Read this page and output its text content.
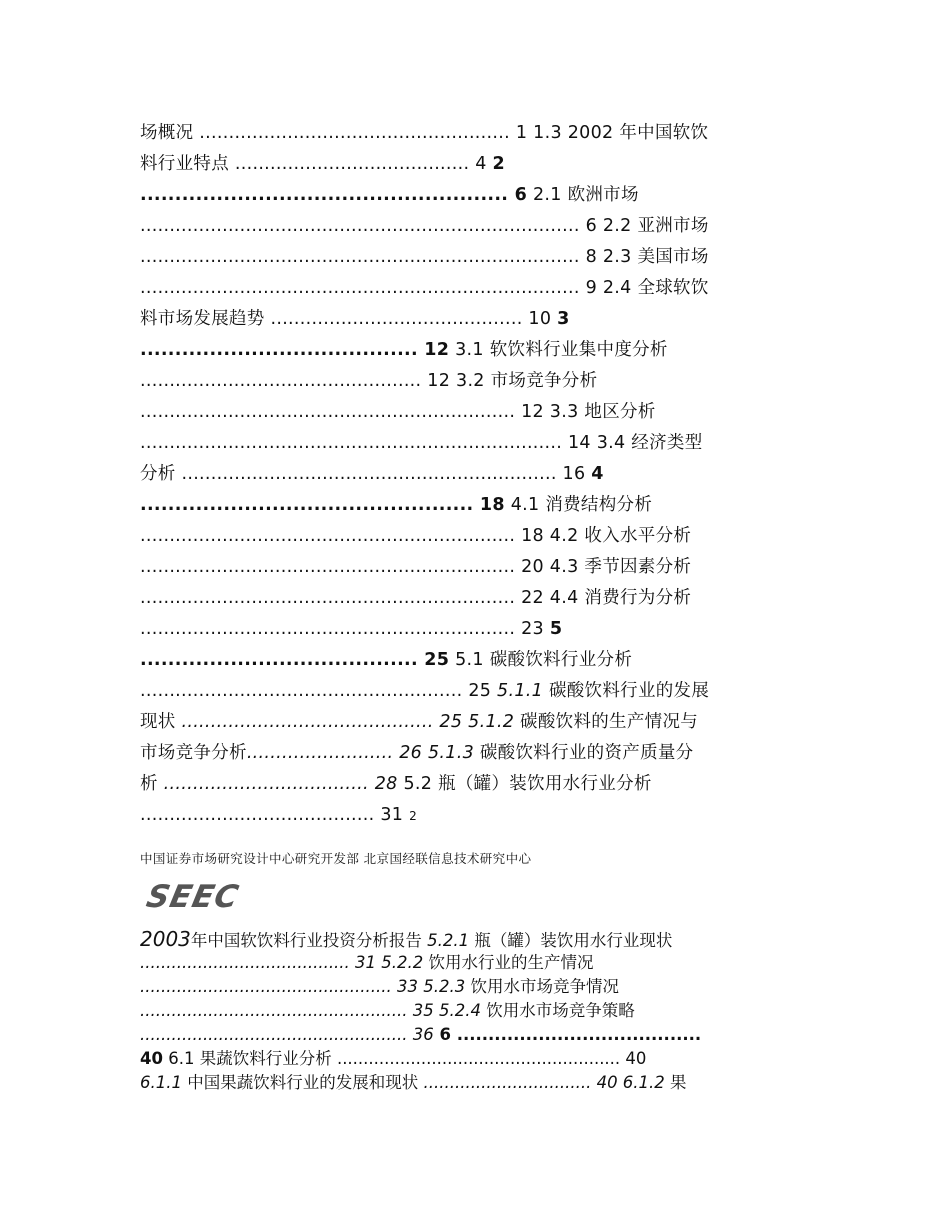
场概况 ..................................................... 1 1.3 2002 年中国软饮
料行业特点 ........................................ 4 2
..................................................... 6 2.1 欧洲市场
........................................................................... 6 2.2 亚洲市场
........................................................................... 8 2.3 美国市场
........................................................................... 9 2.4 全球软饮
料市场发展趋势 ........................................... 10 3
........................................ 12 3.1 软饮料行业集中度分析
................................................ 12 3.2 市场竞争分析
................................................................ 12 3.3 地区分析
........................................................................ 14 3.4 经济类型
分析 ................................................................ 16 4
................................................ 18 4.1 消费结构分析
................................................................ 18 4.2 收入水平分析
................................................................ 20 4.3 季节因素分析
................................................................ 22 4.4 消费行为分析
................................................................ 23 5
........................................ 25 5.1 碳酸饮料行业分析
....................................................... 25 5.1.1 碳酸饮料行业的发展
现状 ........................................... 25 5.1.2 碳酸饮料的生产情况与
市场竞争分析......................... 26 5.1.3 碳酸饮料行业的资产质量分
析 ................................... 28 5.2 瓶（罐）装饮用水行业分析
........................................ 31 2
中国证券市场研究设计中心研究开发部 北京国经联信息技术研究中心
SEEC
2003年中国软饮料行业投资分析报告 5.2.1 瓶（罐）装饮用水行业现状
........................................ 31 5.2.2 饮用水行业的生产情况
................................................ 33 5.2.3 饮用水市场竞争情况
................................................... 35 5.2.4 饮用水市场竞争策略
................................................... 36 6 .......................................
40 6.1 果蔬饮料行业分析 ...................................................... 40
6.1.1 中国果蔬饮料行业的发展和现状 ................................ 40 6.1.2 果
